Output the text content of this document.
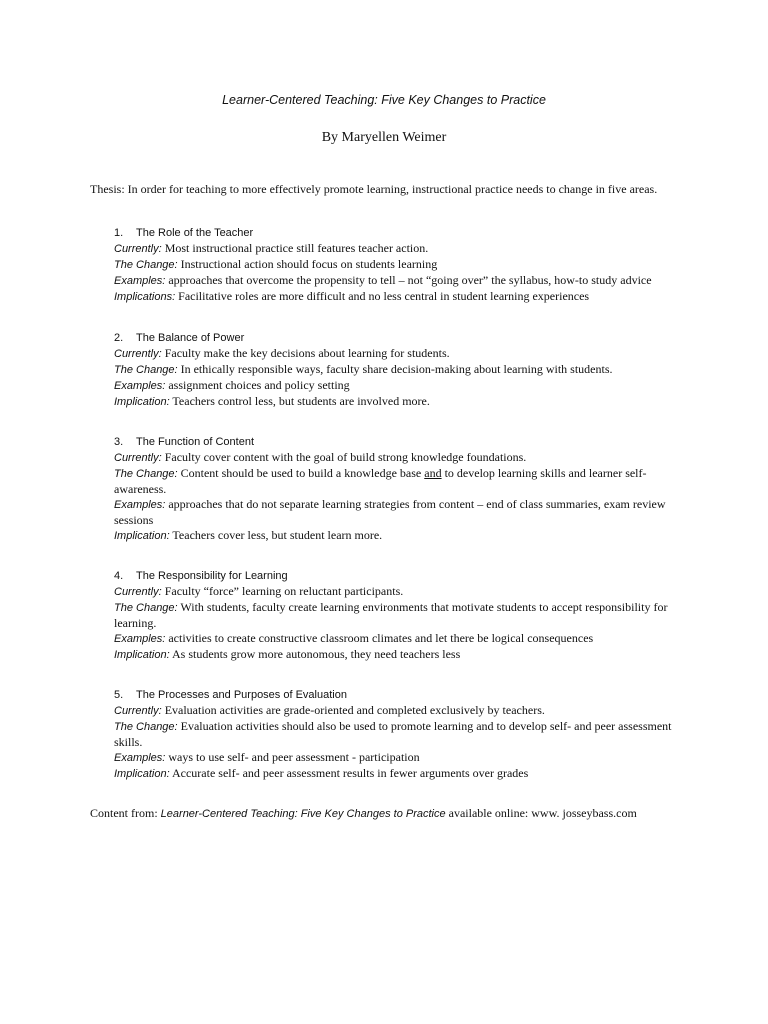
Learner-Centered Teaching: Five Key Changes to Practice
By Maryellen Weimer
Thesis: In order for teaching to more effectively promote learning, instructional practice needs to change in five areas.
1. The Role of the Teacher
Currently: Most instructional practice still features teacher action.
The Change: Instructional action should focus on students learning
Examples: approaches that overcome the propensity to tell – not “going over” the syllabus, how-to study advice
Implications: Facilitative roles are more difficult and no less central in student learning experiences
2. The Balance of Power
Currently: Faculty make the key decisions about learning for students.
The Change: In ethically responsible ways, faculty share decision-making about learning with students.
Examples: assignment choices and policy setting
Implication: Teachers control less, but students are involved more.
3. The Function of Content
Currently: Faculty cover content with the goal of build strong knowledge foundations.
The Change: Content should be used to build a knowledge base and to develop learning skills and learner self-awareness.
Examples: approaches that do not separate learning strategies from content – end of class summaries, exam review sessions
Implication: Teachers cover less, but student learn more.
4. The Responsibility for Learning
Currently: Faculty “force” learning on reluctant participants.
The Change: With students, faculty create learning environments that motivate students to accept responsibility for learning.
Examples: activities to create constructive classroom climates and let there be logical consequences
Implication: As students grow more autonomous, they need teachers less
5. The Processes and Purposes of Evaluation
Currently: Evaluation activities are grade-oriented and completed exclusively by teachers.
The Change: Evaluation activities should also be used to promote learning and to develop self- and peer assessment skills.
Examples: ways to use self- and peer assessment - participation
Implication: Accurate self- and peer assessment results in fewer arguments over grades
Content from: Learner-Centered Teaching: Five Key Changes to Practice available online: www. josseybass.com
